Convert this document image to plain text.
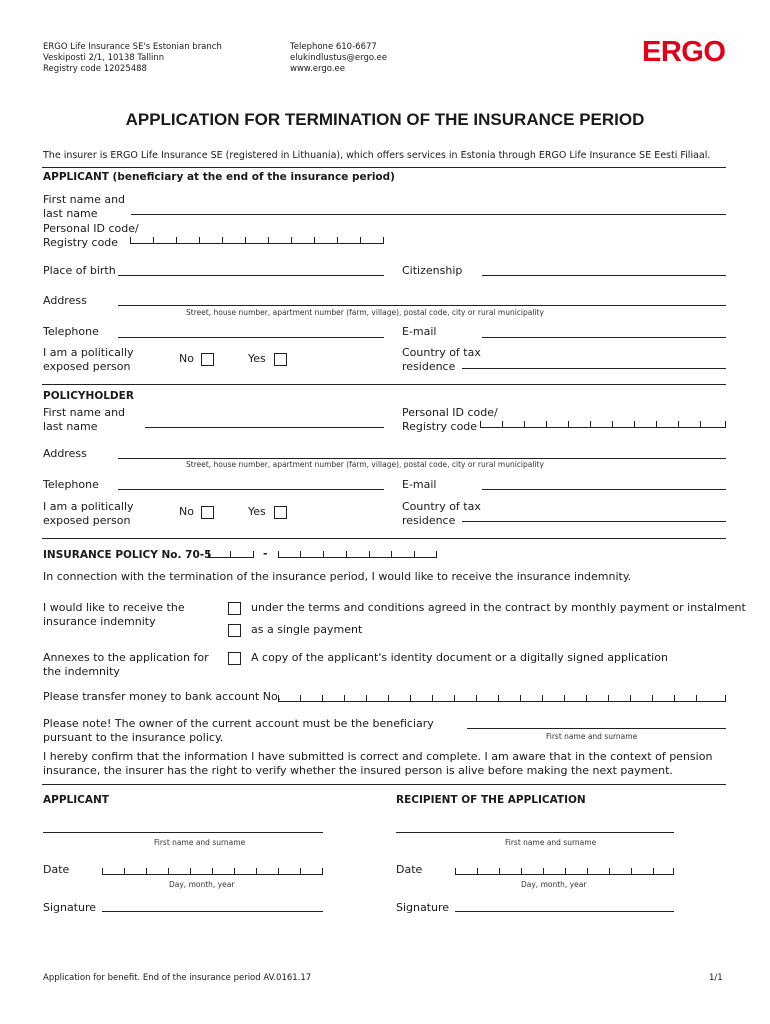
ERGO Life Insurance SE's Estonian branch
Veskiposti 2/1, 10138 Tallinn
Registry code 12025488
Telephone 610-6677
elukindlustus@ergo.ee
www.ergo.ee
ERGO
APPLICATION FOR TERMINATION OF THE INSURANCE PERIOD
The insurer is ERGO Life Insurance SE (registered in Lithuania), which offers services in Estonia through ERGO Life Insurance SE Eesti Filiaal.
APPLICANT (beneficiary at the end of the insurance period)
First name and
last name
Personal ID code/
Registry code
Place of birth	Citizenship
Address
Street, house number, apartment number (farm, village), postal code, city or rural municipality
Telephone	E-mail
I am a politically
exposed person
No	Yes	Country of tax
residence
POLICYHOLDER
First name and
last name
Personal ID code/
Registry code
Address
Street, house number, apartment number (farm, village), postal code, city or rural municipality
Telephone	E-mail
I am a politically
exposed person
No	Yes	Country of tax
residence
INSURANCE POLICY No. 70-5	-
In connection with the termination of the insurance period, I would like to receive the insurance indemnity.
I would like to receive the
insurance indemnity
under the terms and conditions agreed in the contract by monthly payment or instalment
as a single payment
Annexes to the application for
the indemnity
A copy of the applicant's identity document or a digitally signed application
Please transfer money to bank account No.
Please note! The owner of the current account must be the beneficiary
pursuant to the insurance policy.	First name and surname
I hereby confirm that the information I have submitted is correct and complete. I am aware that in the context of pension
insurance, the insurer has the right to verify whether the insured person is alive before making the next payment.
APPLICANT	RECIPIENT OF THE APPLICATION
First name and surname	First name and surname
Date
Day, month, year
Date
Day, month, year
Signature	Signature
Application for benefit. End of the insurance period AV.0161.17	1/1
